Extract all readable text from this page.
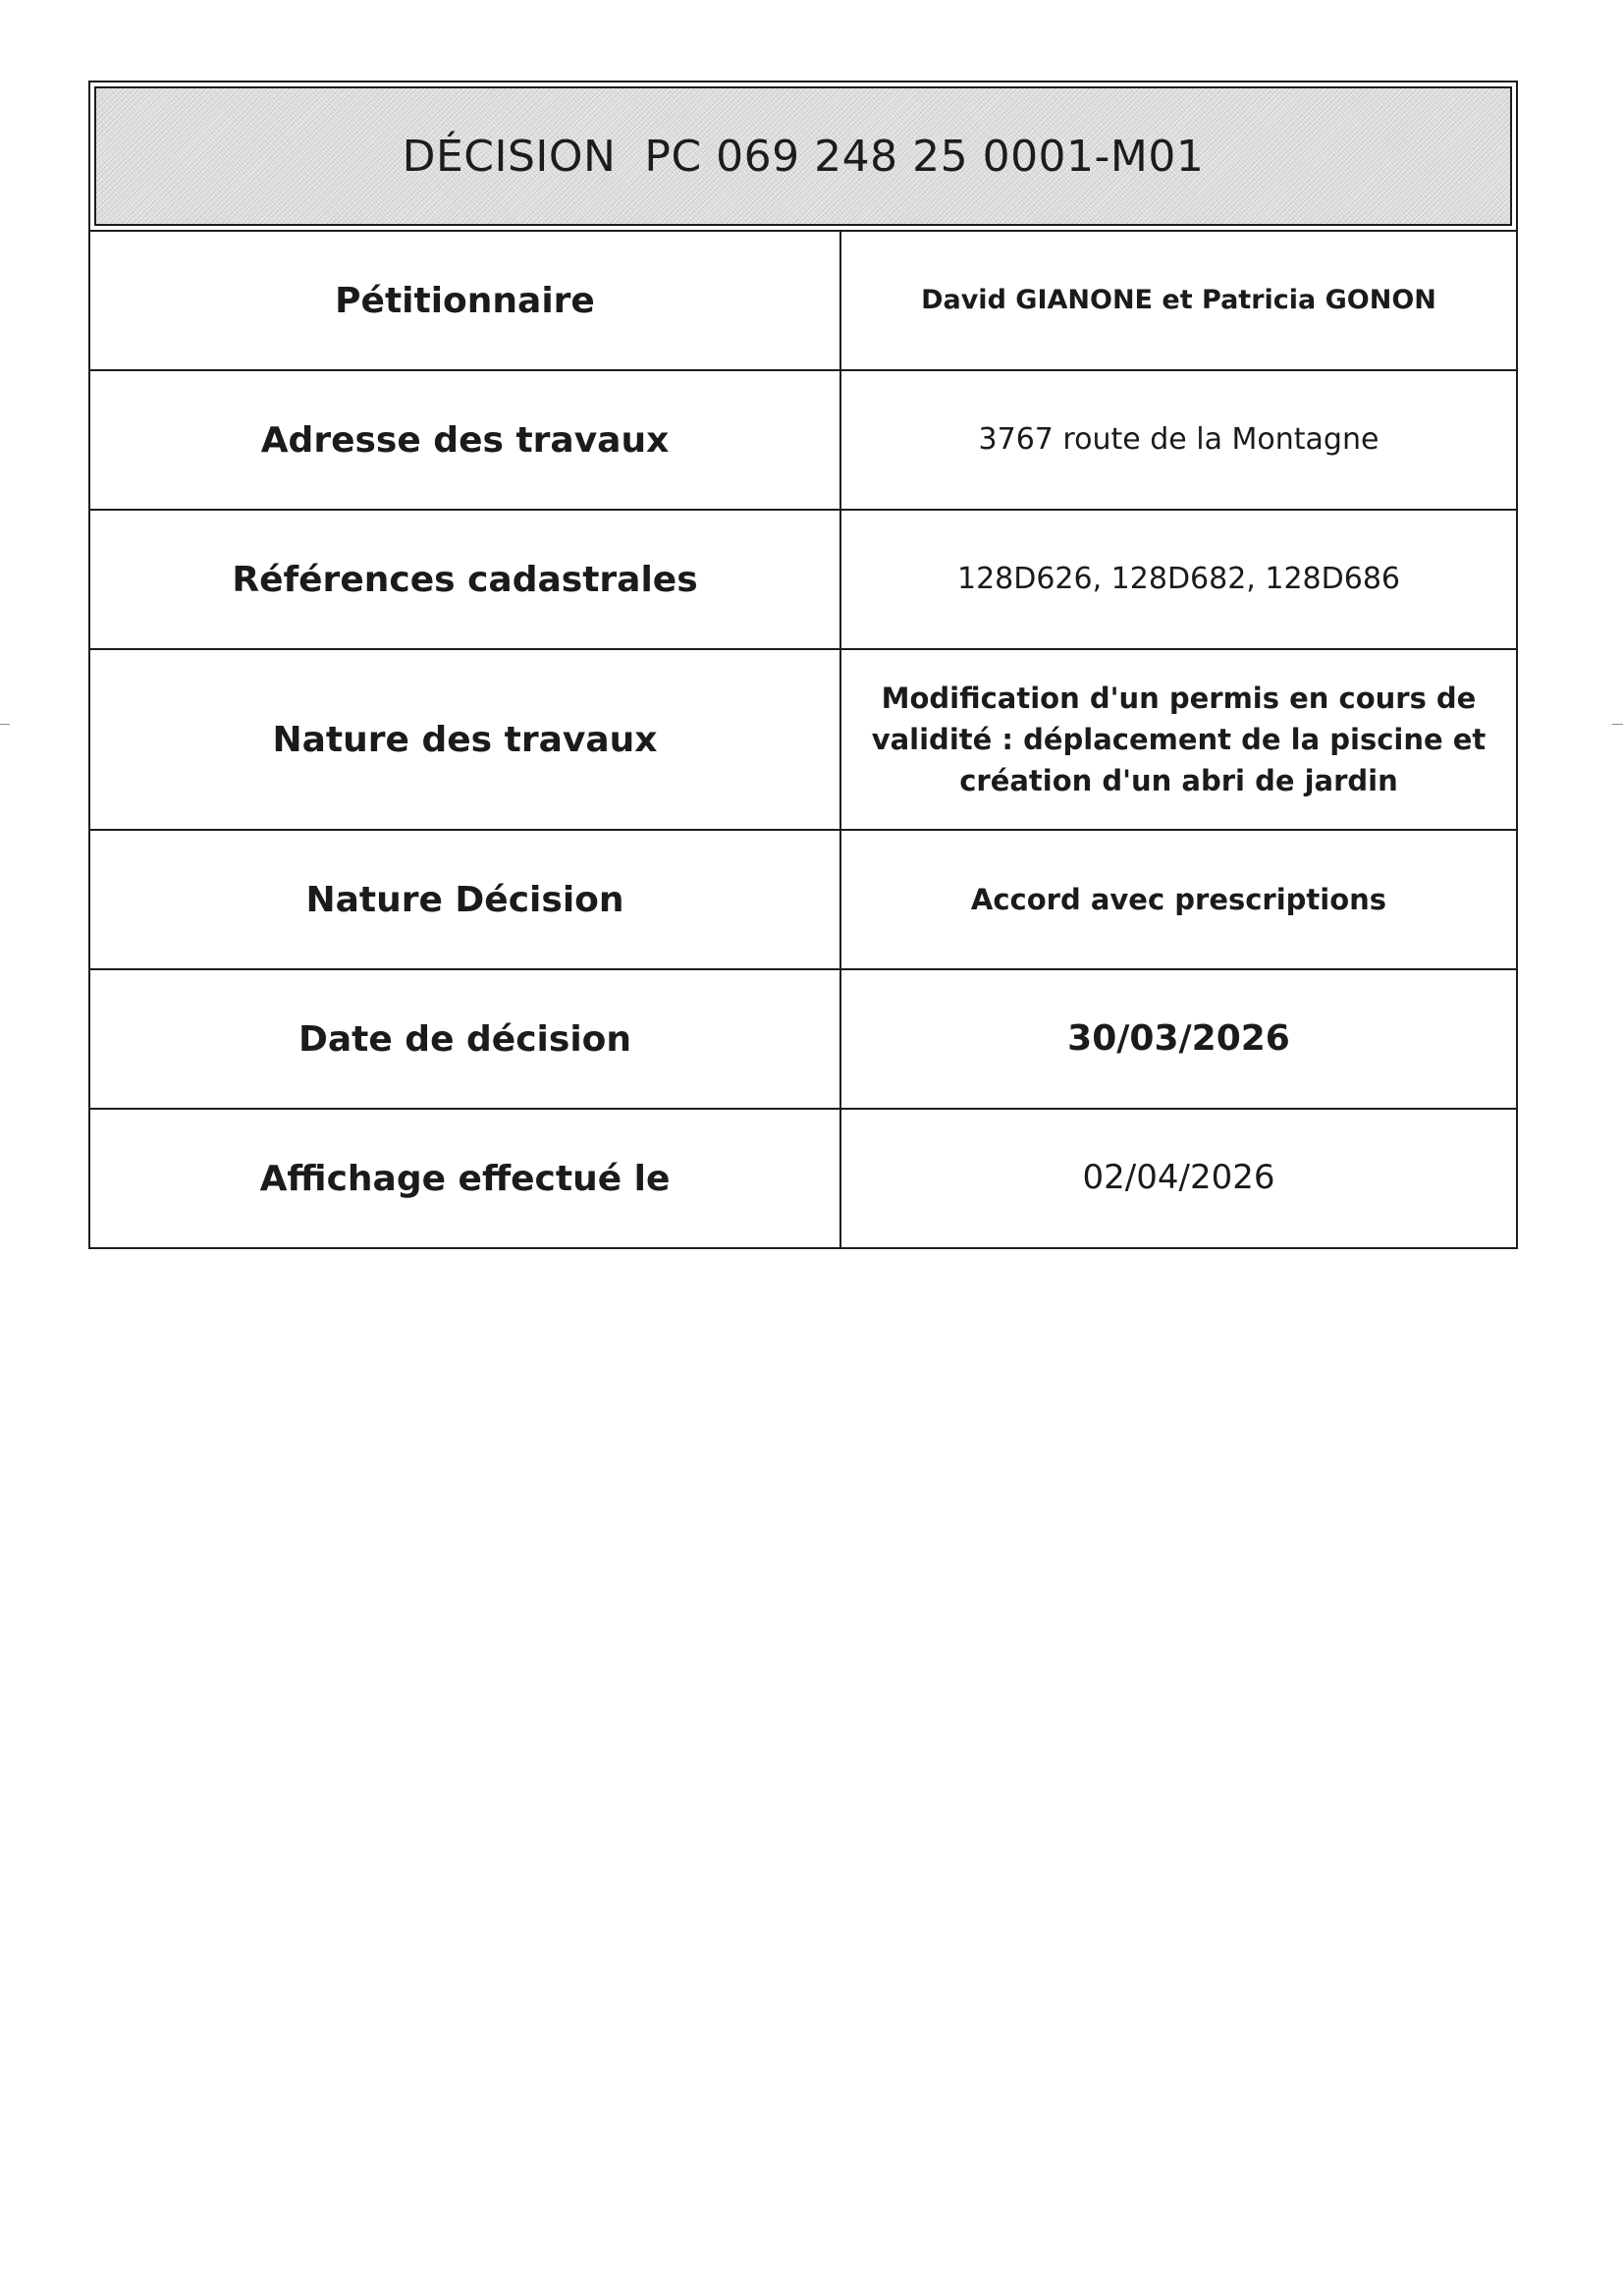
DÉCISION  PC 069 248 25 0001-M01
Pétitionnaire	David GIANONE et Patricia GONON
Adresse des travaux	3767 route de la Montagne
Références cadastrales	128D626, 128D682, 128D686
Nature des travaux	Modification d'un permis en cours de validité : déplacement de la piscine et création d'un abri de jardin
Nature Décision	Accord avec prescriptions
Date de décision	30/03/2026
Affichage effectué le	02/04/2026
